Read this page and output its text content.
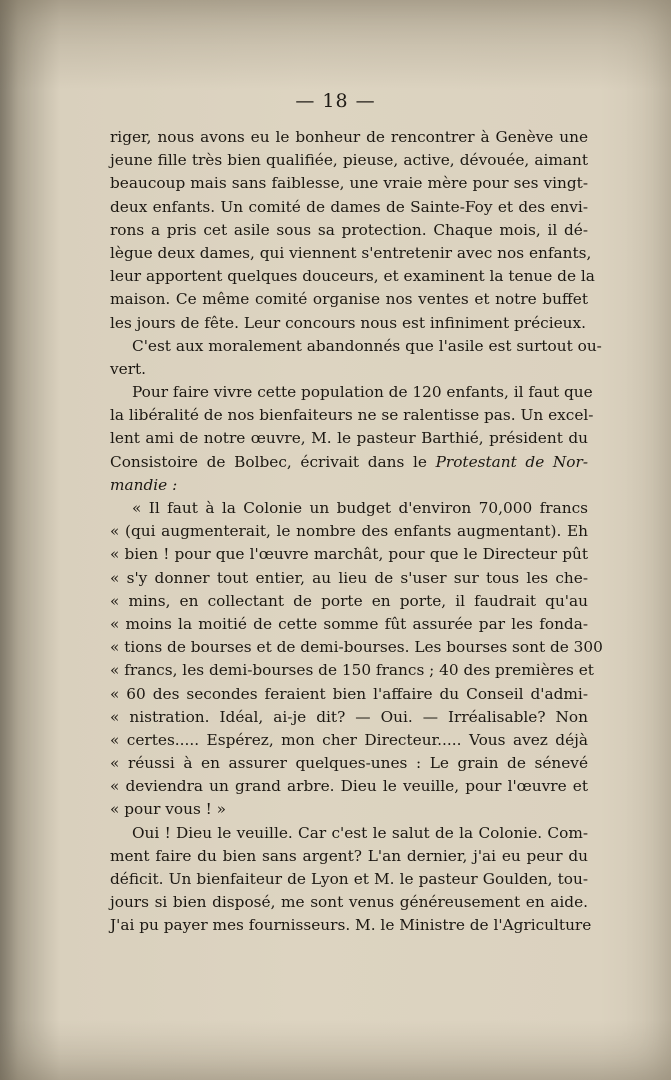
— 18 —
riger, nous avons eu le bonheur de rencontrer à Genève une
jeune fille très bien qualifiée, pieuse, active, dévouée, aimant
beaucoup mais sans faiblesse, une vraie mère pour ses vingt-
deux enfants. Un comité de dames de Sainte-Foy et des envi-
rons a pris cet asile sous sa protection. Chaque mois, il dé-
lègue deux dames, qui viennent s'entretenir avec nos enfants,
leur apportent quelques douceurs, et examinent la tenue de la
maison. Ce même comité organise nos ventes et notre buffet
les jours de fête. Leur concours nous est infiniment précieux.
C'est aux moralement abandonnés que l'asile est surtout ou-
vert.
Pour faire vivre cette population de 120 enfants, il faut que
la libéralité de nos bienfaiteurs ne se ralentisse pas. Un excel-
lent ami de notre œuvre, M. le pasteur Barthié, président du
Consistoire de Bolbec, écrivait dans le Protestant de Nor-
mandie :
« Il faut à la Colonie un budget d'environ 70,000 francs
« (qui augmenterait, le nombre des enfants augmentant). Eh
« bien ! pour que l'œuvre marchât, pour que le Directeur pût
« s'y donner tout entier, au lieu de s'user sur tous les che-
« mins, en collectant de porte en porte, il faudrait qu'au
« moins la moitié de cette somme fût assurée par les fonda-
« tions de bourses et de demi-bourses. Les bourses sont de 300
« francs, les demi-bourses de 150 francs ; 40 des premières et
« 60 des secondes feraient bien l'affaire du Conseil d'admi-
« nistration. Idéal, ai-je dit? — Oui. — Irréalisable? Non
« certes..... Espérez, mon cher Directeur..... Vous avez déjà
« réussi à en assurer quelques-unes : Le grain de sénevé
« deviendra un grand arbre. Dieu le veuille, pour l'œuvre et
« pour vous ! »
Oui ! Dieu le veuille. Car c'est le salut de la Colonie. Com-
ment faire du bien sans argent? L'an dernier, j'ai eu peur du
déficit. Un bienfaiteur de Lyon et M. le pasteur Goulden, tou-
jours si bien disposé, me sont venus généreusement en aide.
J'ai pu payer mes fournisseurs. M. le Ministre de l'Agriculture
